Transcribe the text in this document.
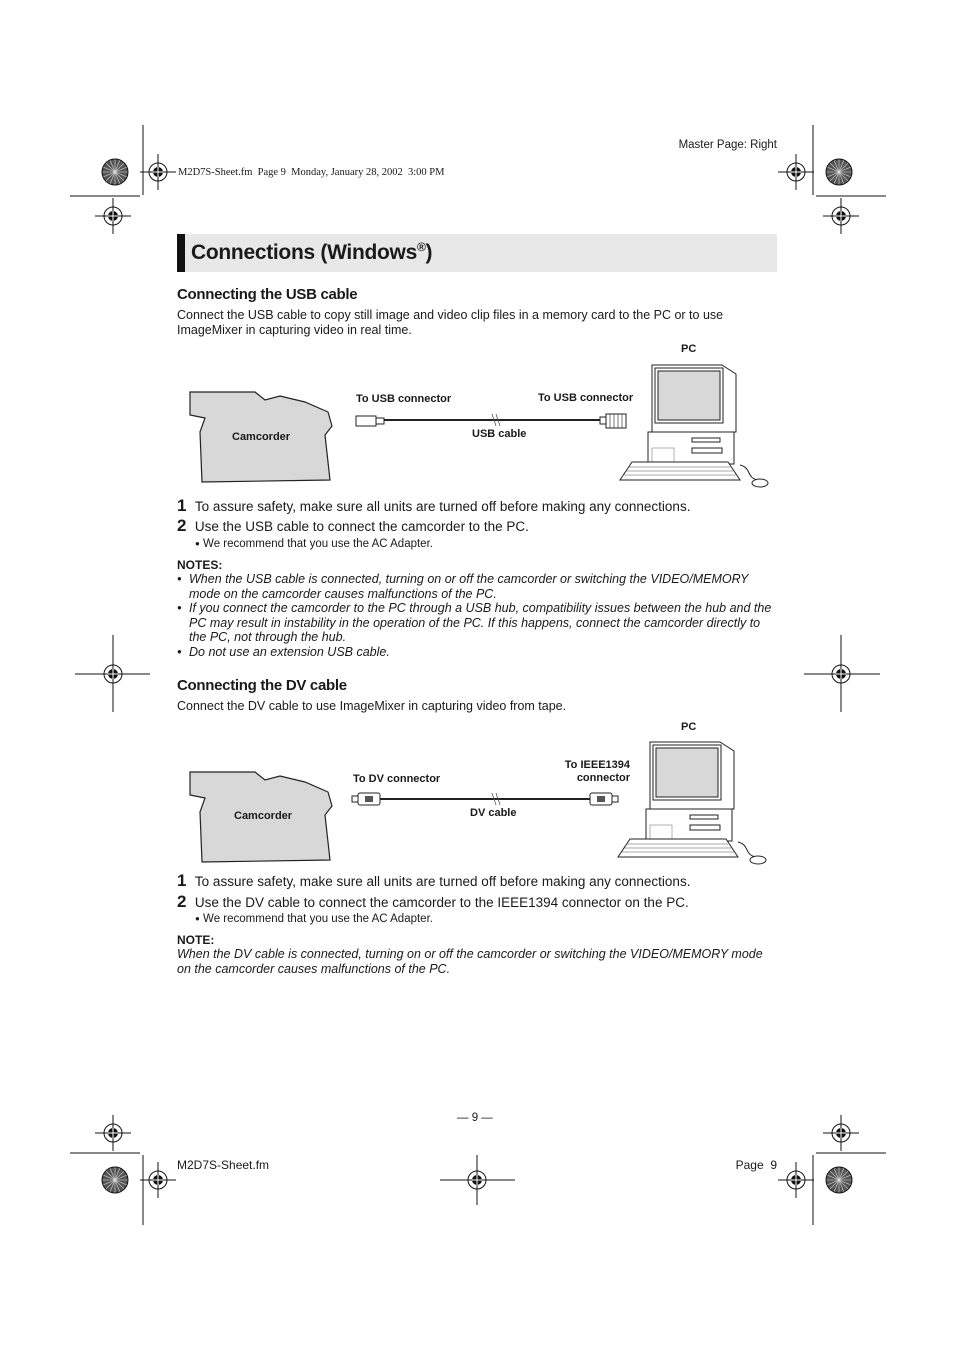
M2D7S-Sheet.fm  Page 9  Monday, January 28, 2002  3:00 PM
Master Page: Right
Connections (Windows®)
Connecting the USB cable
Connect the USB cable to copy still image and video clip files in a memory card to the PC or to use ImageMixer in capturing video in real time.
PC
To USB connector	To USB connector
USB cable
Camcorder
1 To assure safety, make sure all units are turned off before making any connections.
2 Use the USB cable to connect the camcorder to the PC.
● We recommend that you use the AC Adapter.
NOTES:
● When the USB cable is connected, turning on or off the camcorder or switching the VIDEO/MEMORY mode on the camcorder causes malfunctions of the PC.
● If you connect the camcorder to the PC through a USB hub, compatibility issues between the hub and the PC may result in instability in the operation of the PC. If this happens, connect the camcorder directly to the PC, not through the hub.
● Do not use an extension USB cable.
Connecting the DV cable
Connect the DV cable to use ImageMixer in capturing video from tape.
PC
To DV connector
To IEEE1394
connector
DV cable
Camcorder
1 To assure safety, make sure all units are turned off before making any connections.
2 Use the DV cable to connect the camcorder to the IEEE1394 connector on the PC.
● We recommend that you use the AC Adapter.
NOTE:
When the DV cable is connected, turning on or off the camcorder or switching the VIDEO/MEMORY mode on the camcorder causes malfunctions of the PC.
— 9 —
M2D7S-Sheet.fm	Page  9
